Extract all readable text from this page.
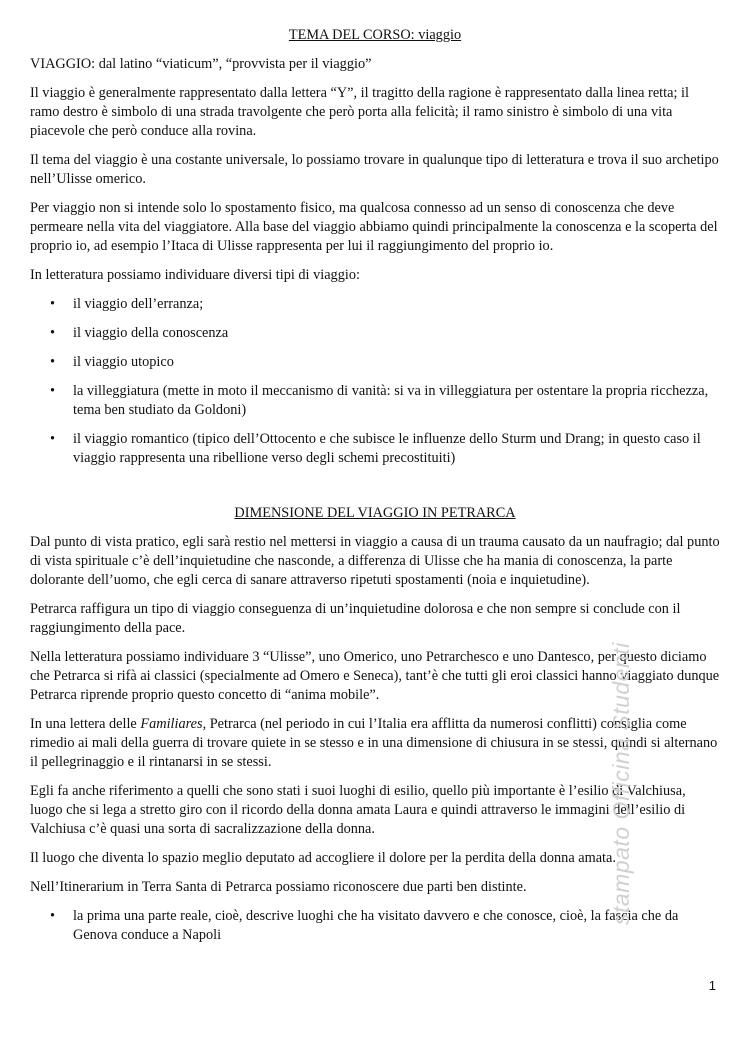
TEMA DEL CORSO: viaggio

VIAGGIO: dal latino “viaticum”, “provvista per il viaggio”

Il viaggio è generalmente rappresentato dalla lettera “Y”, il tragitto della ragione è rappresentato dalla linea retta; il ramo destro è simbolo di una strada travolgente che però porta alla felicità; il ramo sinistro è simbolo di una vita piacevole che però conduce alla rovina.

Il tema del viaggio è una costante universale, lo possiamo trovare in qualunque tipo di letteratura e trova il suo archetipo nell’Ulisse omerico.

Per viaggio non si intende solo lo spostamento fisico, ma qualcosa connesso ad un senso di conoscenza che deve permeare nella vita del viaggiatore. Alla base del viaggio abbiamo quindi principalmente la conoscenza e la scoperta del proprio io, ad esempio l’Itaca di Ulisse rappresenta per lui il raggiungimento del proprio io.

In letteratura possiamo individuare diversi tipi di viaggio:

• il viaggio dell’erranza;
• il viaggio della conoscenza
• il viaggio utopico
• la villeggiatura (mette in moto il meccanismo di vanità: si va in villeggiatura per ostentare la propria ricchezza, tema ben studiato da Goldoni)
• il viaggio romantico (tipico dell’Ottocento e che subisce le influenze dello Sturm und Drang; in questo caso il viaggio rappresenta una ribellione verso degli schemi precostituiti)
DIMENSIONE DEL VIAGGIO IN PETRARCA

Dal punto di vista pratico, egli sarà restio nel mettersi in viaggio a causa di un trauma causato da un naufragio; dal punto di vista spirituale c’è dell’inquietudine che nasconde, a differenza di Ulisse che ha mania di conoscenza, la parte dolorante dell’uomo, che egli cerca di sanare attraverso ripetuti spostamenti (noia e inquietudine).

Petrarca raffigura un tipo di viaggio conseguenza di un’inquietudine dolorosa e che non sempre si conclude con il raggiungimento della pace.

Nella letteratura possiamo individuare 3 “Ulisse”, uno Omerico, uno Petrarchesco e uno Dantesco, per questo diciamo che Petrarca si rifà ai classici (specialmente ad Omero e Seneca), tant’è che tutti gli eroi classici hanno viaggiato dunque Petrarca riprende proprio questo concetto di “anima mobile”.

In una lettera delle Familiares, Petrarca (nel periodo in cui l’Italia era afflitta da numerosi conflitti) consiglia come rimedio ai mali della guerra di trovare quiete in se stesso e in una dimensione di chiusura in se stessi, quindi si alternano il pellegrinaggio e il rintanarsi in se stessi.

Egli fa anche riferimento a quelli che sono stati i suoi luoghi di esilio, quello più importante è l’esilio di Valchiusa, luogo che si lega a stretto giro con il ricordo della donna amata Laura e quindi attraverso le immagini dell’esilio di Valchiusa c’è quasi una sorta di sacralizzazione della donna.

Il luogo che diventa lo spazio meglio deputato ad accogliere il dolore per la perdita della donna amata.

Nell’Itinerarium in Terra Santa di Petrarca possiamo riconoscere due parti ben distinte.

• la prima una parte reale, cioè, descrive luoghi che ha visitato davvero e che conosce, cioè, la fascia che da Genova conduce a Napoli
stampato Officina Studenti
1
